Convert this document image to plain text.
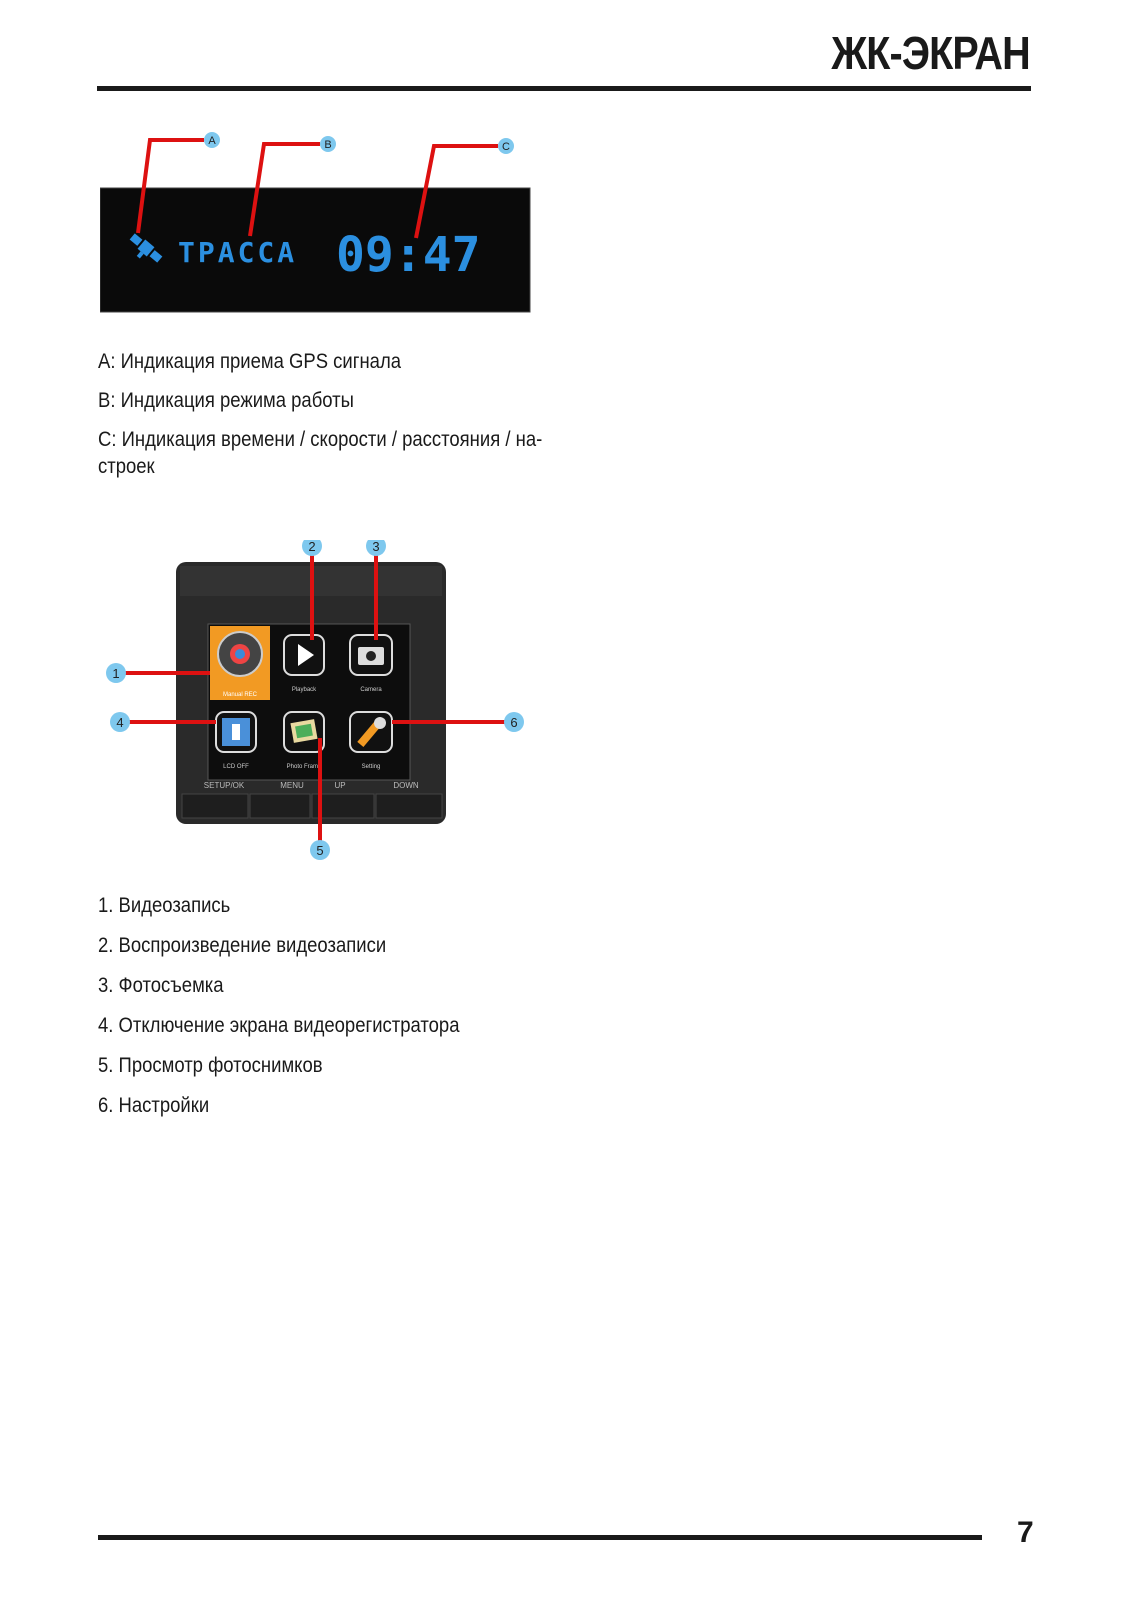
ЖК-ЭКРАН
ТРАССА 09:47
A	B	C

A: Индикация приема GPS сигнала

B: Индикация режима работы

C: Индикация времени / скорости / расстояния / на-
строек

Manual REC
Playback	Camera
LCD OFF	Photo Frame	Setting
SETUP/OK	MENU	UP	DOWN
1
2	3
4	6
5

1. Видеозапись

2. Воспроизведение видеозаписи

3. Фотосъемка

4. Отключение экрана видеорегистратора

5. Просмотр фотоснимков

6. Настройки

7
